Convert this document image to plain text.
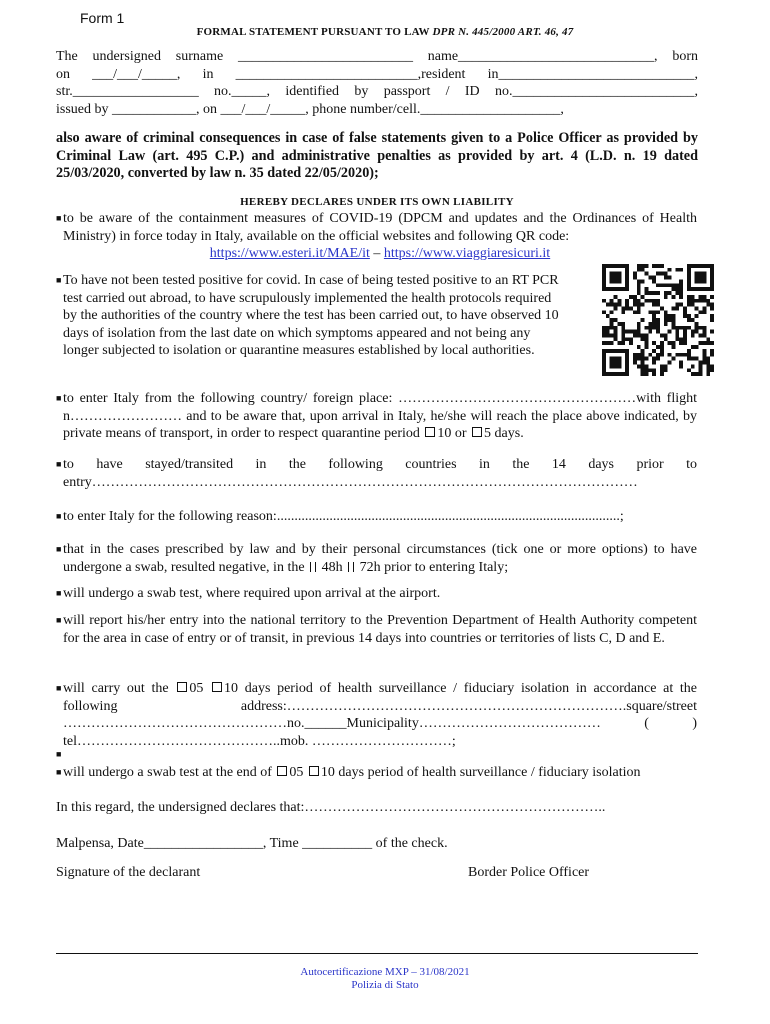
Form 1
FORMAL STATEMENT PURSUANT TO LAW DPR N. 445/2000 ART. 46, 47
The undersigned surname _________________________ name____________________________, born
on ___/___/_____, in __________________________,resident in____________________________,
str.__________________ no._____, identified by passport / ID no.__________________________,
issued by ____________, on ___/___/_____, phone number/cell.____________________,
also aware of criminal consequences in case of false statements given to a Police Officer as provided by Criminal Law (art. 495 C.P.) and administrative penalties as provided by art. 4 (L.D. n. 19 dated 25/03/2020, converted by law n. 35 dated 22/05/2020);
HEREBY DECLARES UNDER ITS OWN LIABILITY
■ to be aware of the containment measures of COVID-19 (DPCM and updates and the Ordinances of Health Ministry) in force today in Italy, available on the official websites and following QR code:
https://www.esteri.it/MAE/it – https://www.viaggiaresicuri.it
■ To have not been tested positive for covid. In case of being tested positive to an RT PCR test carried out abroad, to have scrupulously implemented the health protocols required by the authorities of the country where the test has been carried out, to have observed 10 days of isolation from the last date on which symptoms appeared and not being any longer subjected to isolation or quarantine measures established by local authorities.
■ to enter Italy from the following country/ foreign place: ……………………………………………with flight n…………………… and to be aware that, upon arrival in Italy, he/she will reach the place above indicated, by private means of transport, in order to respect quarantine period 10 or 5 days.
■ to have stayed/transited in the following countries in the 14 days prior to
entry………………………………………………………………………………………………………
■ to enter Italy for the following reason:..................................................................................................;
■ that in the cases prescribed by law and by their personal circumstances (tick one or more options) to have undergone a swab, resulted negative, in the 48h 72h prior to entering Italy;
■ will undergo a swab test, where required upon arrival at the airport.
■ will report his/her entry into the national territory to the Prevention Department of Health Authority competent for the area in case of entry or of transit, in previous 14 days into countries or territories of lists C, D and E.
■ will carry out the 05 10 days period of health surveillance / fiduciary isolation in accordance at the following address:……………………………………………………………….square/street …………………………………………no.______Municipality………………………………… ( ) tel……………………………………..mob. …………………………;
■
■ will undergo a swab test at the end of 05 10 days period of health surveillance / fiduciary isolation
In this regard, the undersigned declares that:………………………………………………………..
Malpensa, Date_________________, Time __________ of the check.
Signature of the declarant	Border Police Officer
Autocertificazione MXP – 31/08/2021
Polizia di Stato
